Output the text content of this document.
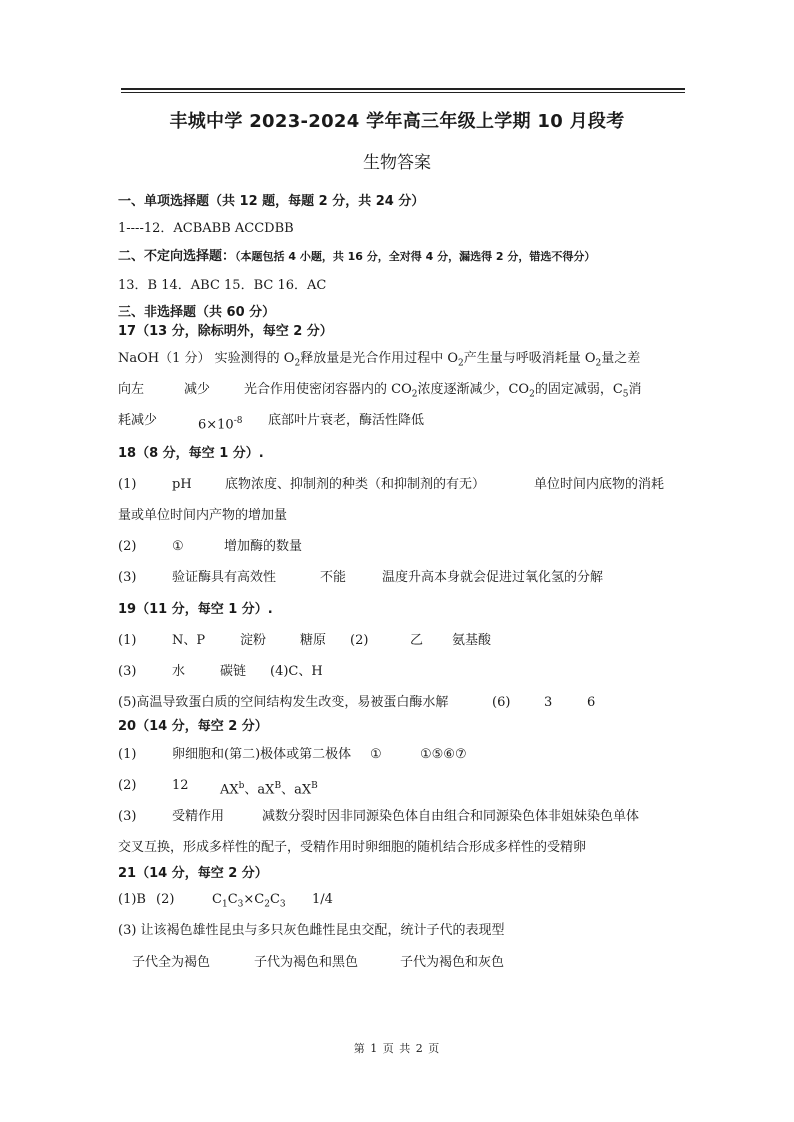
丰城中学 2023-2024 学年高三年级上学期 10 月段考
生物答案
一、单项选择题（共 12 题，每题 2 分，共 24 分）
1----12．ACBABB ACCDBB
二、不定向选择题：（本题包括 4 小题，共 16 分，全对得 4 分，漏选得 2 分，错选不得分）
13．B 14．ABC 15．BC 16．AC
三、非选择题（共 60 分）
17（13 分，除标明外，每空 2 分）
NaOH（1 分） 实验测得的 $O_2$释放量是光合作用过程中 $O_2$产生量与呼吸消耗量 $O_2$量之差
向左	减少	光合作用使密闭容器内的 $CO_2$浓度逐渐减少，$CO_2$的固定减弱，$C_5$消
耗减少	$6\times 10^{-8}$ 底部叶片衰老，酶活性降低
18（8 分，每空 1 分）.
(1)	pH	底物浓度、抑制剂的种类（和抑制剂的有无）	单位时间内底物的消耗
量或单位时间内产物的增加量
(2)	①	增加酶的数量
(3)	验证酶具有高效性	不能	温度升高本身就会促进过氧化氢的分解
19（11 分，每空 1 分）.
(1)	N、P	淀粉	糖原 (2)	乙 氨基酸
(3)	水	碳链 (4)C、H
(5)高温导致蛋白质的空间结构发生改变，易被蛋白酶水解	(6)	3	6
20（14 分，每空 2 分）
(1)	卵细胞和(第二)极体或第二极体 ①	①⑤⑥⑦
(2)	12 $AX^b$、$aX^B$、$aX^B$
(3)	受精作用	减数分裂时因非同源染色体自由组合和同源染色体非姐妹染色单体
交叉互换，形成多样性的配子，受精作用时卵细胞的随机结合形成多样性的受精卵
21（14 分，每空 2 分）
(1)B (2)	$C_1C_3\times C_2C_3$ 1/4
(3) 让该褐色雄性昆虫与多只灰色雌性昆虫交配，统计子代的表现型
子代全为褐色	子代为褐色和黑色	子代为褐色和灰色
第 1 页 共 2 页
